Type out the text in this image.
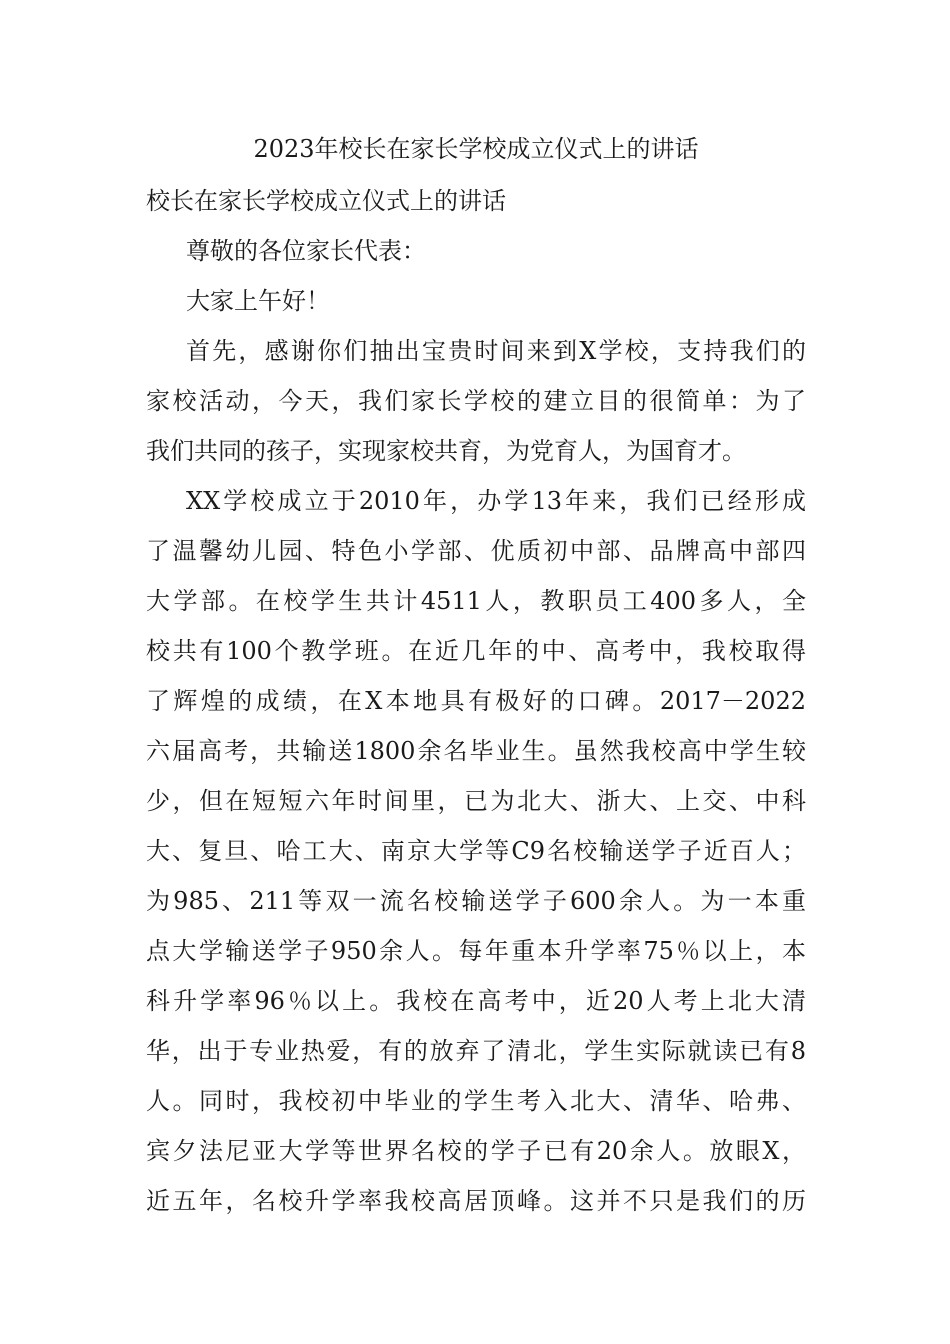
2023年校长在家长学校成立仪式上的讲话
校长在家长学校成立仪式上的讲话
尊敬的各位家长代表：
大家上午好！
首先，感谢你们抽出宝贵时间来到X学校，支持我们的
家校活动，今天，我们家长学校的建立目的很简单：为了
我们共同的孩子，实现家校共育，为党育人，为国育才。
XX学校成立于2010年，办学13年来，我们已经形成
了温馨幼儿园、特色小学部、优质初中部、品牌高中部四
大学部。在校学生共计4511人，教职员工400多人，全
校共有100个教学班。在近几年的中、高考中，我校取得
了辉煌的成绩，在X本地具有极好的口碑。2017－2022
六届高考，共输送1800余名毕业生。虽然我校高中学生较
少，但在短短六年时间里，已为北大、浙大、上交、中科
大、复旦、哈工大、南京大学等C9名校输送学子近百人；
为985、211等双一流名校输送学子600余人。为一本重
点大学输送学子950余人。每年重本升学率75％以上，本
科升学率96％以上。我校在高考中，近20人考上北大清
华，出于专业热爱，有的放弃了清北，学生实际就读已有8
人。同时，我校初中毕业的学生考入北大、清华、哈弗、
宾夕法尼亚大学等世界名校的学子已有20余人。放眼X，
近五年，名校升学率我校高居顶峰。这并不只是我们的历
